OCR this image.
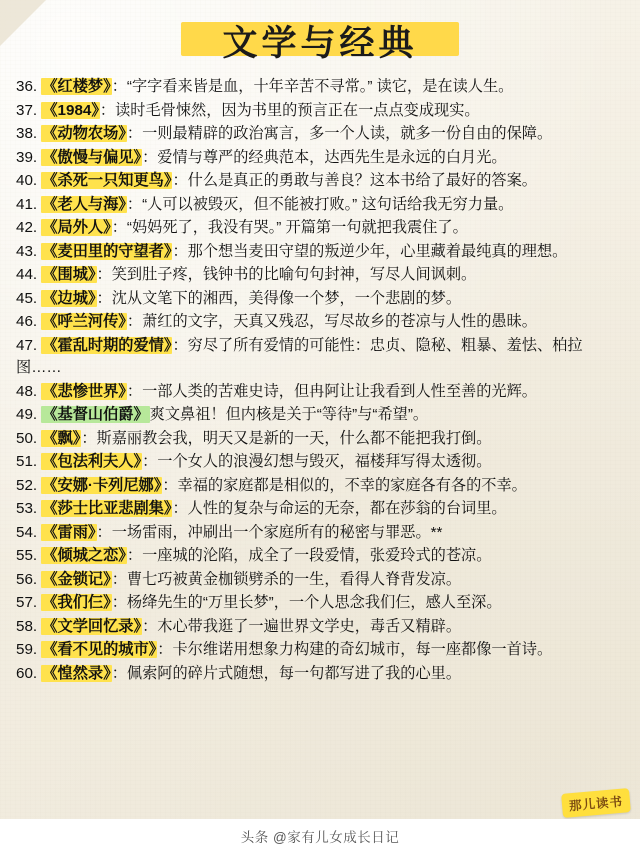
文学与经典

36. 《红楼梦》：“字字看来皆是血，十年辛苦不寻常。” 读它，是在读人生。

37. 《1984》：读时毛骨悚然，因为书里的预言正在一点点变成现实。

38. 《动物农场》：一则最精辟的政治寓言，多一个人读，就多一份自由的保障。

39. 《傲慢与偏见》：爱情与尊严的经典范本，达西先生是永远的白月光。

40. 《杀死一只知更鸟》：什么是真正的勇敢与善良？这本书给了最好的答案。

41. 《老人与海》：“人可以被毁灭，但不能被打败。” 这句话给我无穷力量。

42. 《局外人》：“妈妈死了，我没有哭。” 开篇第一句就把我震住了。

43. 《麦田里的守望者》：那个想当麦田守望的叛逆少年，心里藏着最纯真的理想。

44. 《围城》：笑到肚子疼，钱钟书的比喻句句封神，写尽人间讽刺。

45. 《边城》：沈从文笔下的湘西，美得像一个梦，一个悲剧的梦。

46. 《呼兰河传》：萧红的文字，天真又残忍，写尽故乡的苍凉与人性的愚昧。

47. 《霍乱时期的爱情》：穷尽了所有爱情的可能性：忠贞、隐秘、粗暴、羞怯、柏拉图……

48. 《悲惨世界》：一部人类的苦难史诗，但冉阿让让我看到人性至善的光辉。

49. 《基督山伯爵》爽文鼻祖！但内核是关于“等待”与“希望”。

50. 《飘》：斯嘉丽教会我，明天又是新的一天，什么都不能把我打倒。

51. 《包法利夫人》：一个女人的浪漫幻想与毁灭，福楼拜写得太透彻。

52. 《安娜·卡列尼娜》：幸福的家庭都是相似的，不幸的家庭各有各的不幸。

53. 《莎士比亚悲剧集》：人性的复杂与命运的无奈，都在莎翁的台词里。

54. 《雷雨》：一场雷雨，冲刷出一个家庭所有的秘密与罪恶。**

55. 《倾城之恋》：一座城的沦陷，成全了一段爱情，张爱玲式的苍凉。

56. 《金锁记》：曹七巧被黄金枷锁劈杀的一生，看得人脊背发凉。

57. 《我们仨》：杨绛先生的“万里长梦”，一个人思念我们仨，感人至深。

58. 《文学回忆录》：木心带我逛了一遍世界文学史，毒舌又精辟。

59. 《看不见的城市》：卡尔维诺用想象力构建的奇幻城市，每一座都像一首诗。

60. 《惶然录》：佩索阿的碎片式随想，每一句都写进了我的心里。

那儿读书
头条 @家有儿女成长日记
